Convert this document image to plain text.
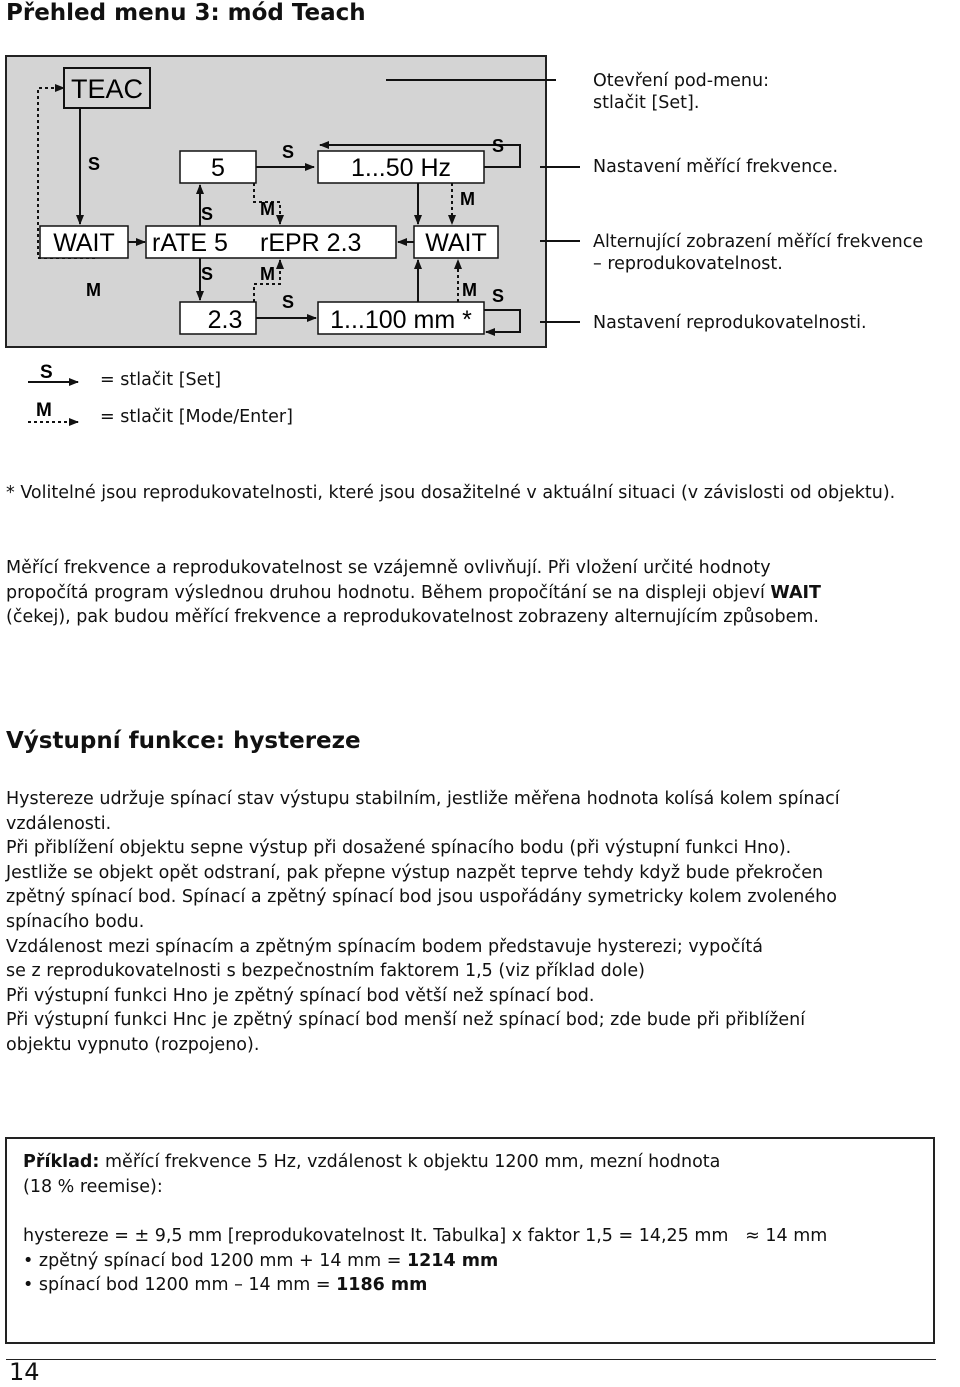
Přehled menu 3: mód Teach
TEAC
S
WAIT
M
rATE 5 rEPR 2.3	WAIT
5
S
S
M
1...50 Hz
S
M
2.3
S
S
M
1...100 mm *
S
M
Otevření pod-menu:
stlačit [Set].
Nastavení měřící frekvence.
Alternující zobrazení měřící frekvence
– reprodukovatelnost.
Nastavení reprodukovatelnosti.
S
M
= stlačit [Set]
= stlačit [Mode/Enter]

* Volitelné jsou reprodukovatelnosti, které jsou dosažitelné v aktuální situaci (v závislosti od objektu).

Měřící frekvence a reprodukovatelnost se vzájemně ovlivňují. Při vložení určité hodnoty
propočítá program výslednou druhou hodnotu. Během propočítání se na displeji objeví WAIT
(čekej), pak budou měřící frekvence a reprodukovatelnost zobrazeny alternujícím způsobem.
Výstupní funkce: hystereze
Hystereze udržuje spínací stav výstupu stabilním, jestliže měřena hodnota kolísá kolem spínací
vzdálenosti.
Při přiblížení objektu sepne výstup při dosažené spínacího bodu (při výstupní funkci Hno).
Jestliže se objekt opět odstraní, pak přepne výstup nazpět teprve tehdy když bude překročen
zpětný spínací bod. Spínací a zpětný spínací bod jsou uspořádány symetricky kolem zvoleného
spínacího bodu.
Vzdálenost mezi spínacím a zpětným spínacím bodem představuje hysterezi; vypočítá
se z reprodukovatelnosti s bezpečnostním faktorem 1,5 (viz příklad dole)
Při výstupní funkci Hno je zpětný spínací bod větší než spínací bod.
Při výstupní funkci Hnc je zpětný spínací bod menší než spínací bod; zde bude při přiblížení
objektu vypnuto (rozpojeno).

Příklad: měřící frekvence 5 Hz, vzdálenost k objektu 1200 mm, mezní hodnota
(18 % reemise):

hystereze = ± 9,5 mm [reprodukovatelnost It. Tabulka] x faktor 1,5 = 14,25 mm ≈ 14 mm
• zpětný spínací bod 1200 mm + 14 mm = 1214 mm
• spínací bod 1200 mm – 14 mm = 1186 mm

14
